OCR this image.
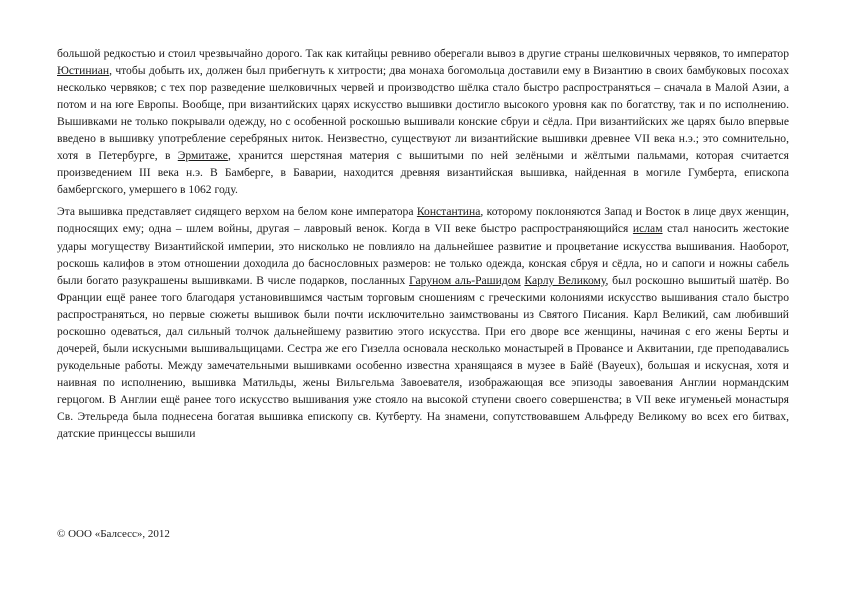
большой редкостью и стоил чрезвычайно дорого. Так как китайцы ревниво оберегали вывоз в другие страны шелковичных червяков, то император Юстиниан, чтобы добыть их, должен был прибегнуть к хитрости; два монаха богомольца доставили ему в Византию в своих бамбуковых посохах несколько червяков; с тех пор разведение шелковичных червей и производство шёлка стало быстро распространяться – сначала в Малой Азии, а потом и на юге Европы. Вообще, при византийских царях искусство вышивки достигло высокого уровня как по богатству, так и по исполнению. Вышивками не только покрывали одежду, но с особенной роскошью вышивали конские сбруи и сёдла. При византийских же царях было впервые введено в вышивку употребление серебряных ниток. Неизвестно, существуют ли византийские вышивки древнее VII века н.э.; это сомнительно, хотя в Петербурге, в Эрмитаже, хранится шерстяная материя с вышитыми по ней зелёными и жёлтыми пальмами, которая считается произведением III века н.э. В Бамберге, в Баварии, находится древняя византийская вышивка, найденная в могиле Гумберта, епископа бамбергского, умершего в 1062 году.

Эта вышивка представляет сидящего верхом на белом коне императора Константина, которому поклоняются Запад и Восток в лице двух женщин, подносящих ему; одна – шлем войны, другая – лавровый венок. Когда в VII веке быстро распространяющийся ислам стал наносить жестокие удары могуществу Византийской империи, это нисколько не повлияло на дальнейшее развитие и процветание искусства вышивания. Наоборот, роскошь калифов в этом отношении доходила до баснословных размеров: не только одежда, конская сбруя и сёдла, но и сапоги и ножны сабель были богато разукрашены вышивками. В числе подарков, посланных Гаруном аль-Рашидом Карлу Великому, был роскошно вышитый шатёр. Во Франции ещё ранее того благодаря установившимся частым торговым сношениям с греческими колониями искусство вышивания стало быстро распространяться, но первые сюжеты вышивок были почти исключительно заимствованы из Святого Писания. Карл Великий, сам любивший роскошно одеваться, дал сильный толчок дальнейшему развитию этого искусства. При его дворе все женщины, начиная с его жены Берты и дочерей, были искусными вышивальщицами. Сестра же его Гизелла основала несколько монастырей в Провансе и Аквитании, где преподавались рукодельные работы. Между замечательными вышивками особенно известна хранящаяся в музее в Байё (Вауеux), большая и искусная, хотя и наивная по исполнению, вышивка Матильды, жены Вильгельма Завоевателя, изображающая все эпизоды завоевания Англии нормандским герцогом. В Англии ещё ранее того искусство вышивания уже стояло на высокой ступени своего совершенства; в VII веке игуменьей монастыря Св. Этельреда была поднесена богатая вышивка епископу св. Кутберту. На знамени, сопутствовавшем Альфреду Великому во всех его битвах, датские принцессы вышили

© ООО «Балсесс», 2012
